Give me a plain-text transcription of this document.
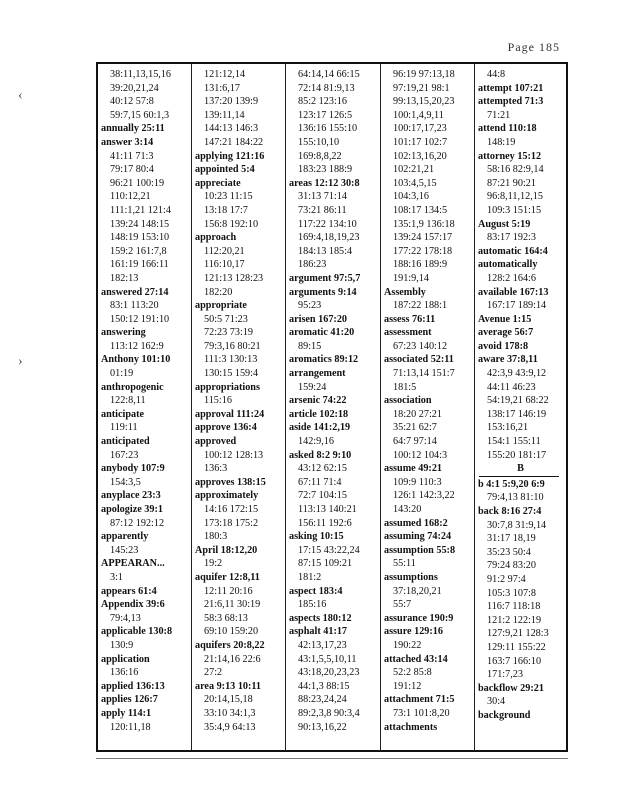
‹
›
Page 185
38:11,13,15,16
39:20,21,24
40:12 57:8
59:7,15 60:1,3
annually 25:11
answer 3:14
41:11 71:3
79:17 80:4
96:21 100:19
110:12,21
111:1,21 121:4
139:24 148:15
148:19 153:10
159:2 161:7,8
161:19 166:11
182:13
answered 27:14
83:1 113:20
150:12 191:10
answering
113:12 162:9
Anthony 101:10
01:19
anthropogenic
122:8,11
anticipate
119:11
anticipated
167:23
anybody 107:9
154:3,5
anyplace 23:3
apologize 39:1
87:12 192:12
apparently
145:23
APPEARAN...
3:1
appears 61:4
Appendix 39:6
79:4,13
applicable 130:8
130:9
application
136:16
applied 136:13
applies 126:7
apply 114:1
120:11,18
121:12,14
131:6,17
137:20 139:9
139:11,14
144:13 146:3
147:21 184:22
applying 121:16
appointed 5:4
appreciate
10:23 11:15
13:18 17:7
156:8 192:10
approach
112:20,21
116:10,17
121:13 128:23
182:20
appropriate
50:5 71:23
72:23 73:19
79:3,16 80:21
111:3 130:13
130:15 159:4
appropriations
115:16
approval 111:24
approve 136:4
approved
100:12 128:13
136:3
approves 138:15
approximately
14:16 172:15
173:18 175:2
180:3
April 18:12,20
19:2
aquifer 12:8,11
12:11 20:16
21:6,11 30:19
58:3 68:13
69:10 159:20
aquifers 20:8,22
21:14,16 22:6
27:2
area 9:13 10:11
20:14,15,18
33:10 34:1,3
35:4,9 64:13
64:14,14 66:15
72:14 81:9,13
85:2 123:16
123:17 126:5
136:16 155:10
155:10,10
169:8,8,22
183:23 188:9
areas 12:12 30:8
31:13 71:14
73:21 86:11
117:22 134:10
169:4,18,19,23
184:13 185:4
186:23
argument 97:5,7
arguments 9:14
95:23
arisen 167:20
aromatic 41:20
89:15
aromatics 89:12
arrangement
159:24
arsenic 74:22
article 102:18
aside 141:2,19
142:9,16
asked 8:2 9:10
43:12 62:15
67:11 71:4
72:7 104:15
113:13 140:21
156:11 192:6
asking 10:15
17:15 43:22,24
87:15 109:21
181:2
aspect 183:4
185:16
aspects 180:12
asphalt 41:17
42:13,17,23
43:1,5,5,10,11
43:18,20,23,23
44:1,3 88:15
88:23,24,24
89:2,3,8 90:3,4
90:13,16,22
96:19 97:13,18
97:19,21 98:1
99:13,15,20,23
100:1,4,9,11
100:17,17,23
101:17 102:7
102:13,16,20
102:21,21
103:4,5,15
104:3,16
108:17 134:5
135:1,9 136:18
139:24 157:17
177:22 178:18
188:16 189:9
191:9,14
Assembly
187:22 188:1
assess 76:11
assessment
67:23 140:12
associated 52:11
71:13,14 151:7
181:5
association
18:20 27:21
35:21 62:7
64:7 97:14
100:12 104:3
assume 49:21
109:9 110:3
126:1 142:3,22
143:20
assumed 168:2
assuming 74:24
assumption 55:8
55:11
assumptions
37:18,20,21
55:7
assurance 190:9
assure 129:16
190:22
attached 43:14
52:2 85:8
191:12
attachment 71:5
73:1 101:8,20
attachments
44:8
attempt 107:21
attempted 71:3
71:21
attend 110:18
148:19
attorney 15:12
58:16 82:9,14
87:21 90:21
96:8,11,12,15
109:3 151:15
August 5:19
83:17 192:3
automatic 164:4
automatically
128:2 164:6
available 167:13
167:17 189:14
Avenue 1:15
average 56:7
avoid 178:8
aware 37:8,11
42:3,9 43:9,12
44:11 46:23
54:19,21 68:22
138:17 146:19
153:16,21
154:1 155:11
155:20 181:17
B
b 4:1 5:9,20 6:9
79:4,13 81:10
back 8:16 27:4
30:7,8 31:9,14
31:17 18,19
35:23 50:4
79:24 83:20
91:2 97:4
105:3 107:8
116:7 118:18
121:2 122:19
127:9,21 128:3
129:11 155:22
163:7 166:10
171:7,23
backflow 29:21
30:4
background
